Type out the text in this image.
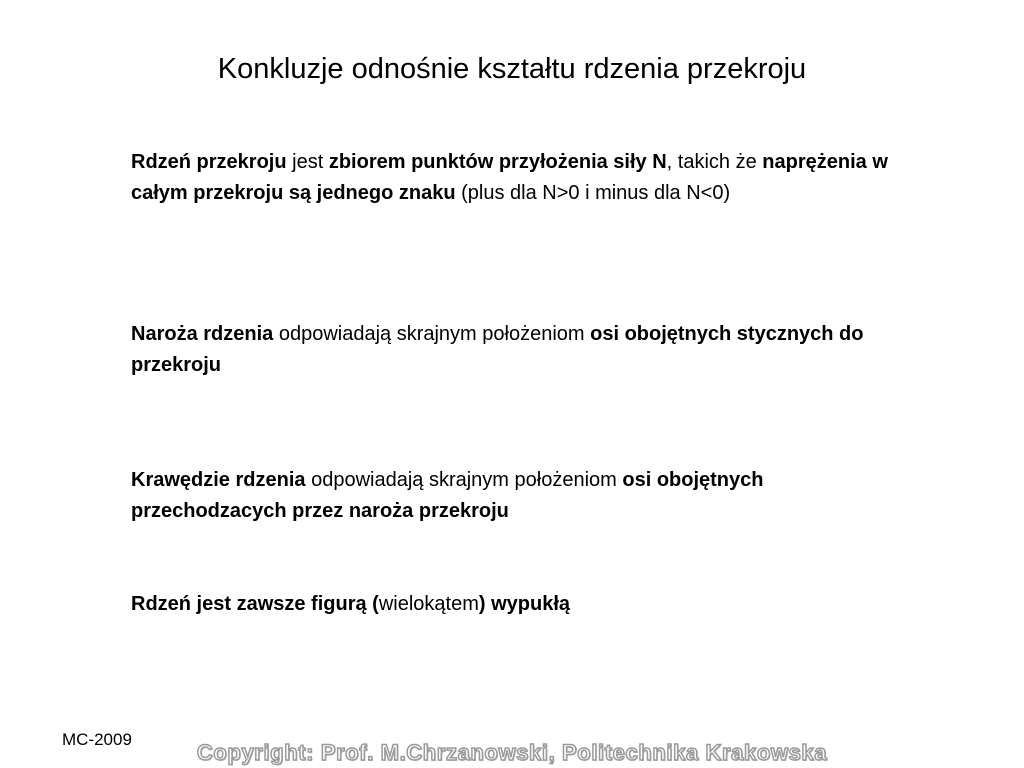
Konkluzje odnośnie kształtu rdzenia przekroju

Rdzeń przekroju jest zbiorem punktów przyłożenia siły N, takich że naprężenia w całym przekroju są jednego znaku (plus dla N>0 i minus dla N<0)

Naroża rdzenia odpowiadają skrajnym położeniom osi obojętnych stycznych do przekroju

Krawędzie rdzenia odpowiadają skrajnym położeniom osi obojętnych przechodzacych przez naroża przekroju

Rdzeń jest zawsze figurą (wielokątem) wypukłą

MC-2009
Copyright: Prof. M.Chrzanowski, Politechnika Krakowska
